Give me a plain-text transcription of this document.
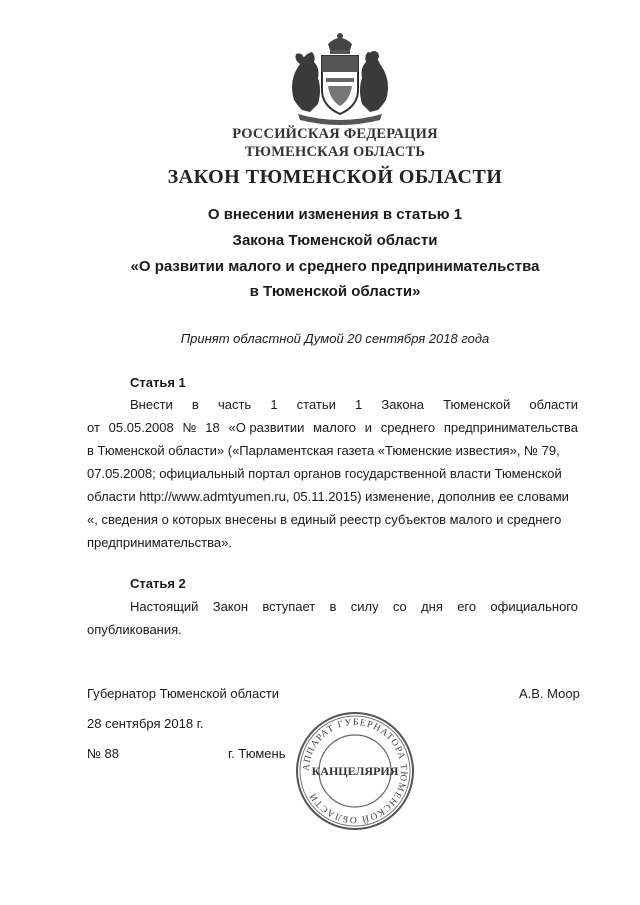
РОССИЙСКАЯ ФЕДЕРАЦИЯ
ТЮМЕНСКАЯ ОБЛАСТЬ
ЗАКОН ТЮМЕНСКОЙ ОБЛАСТИ
О внесении изменения в статью 1
Закона Тюменской области
«О развитии малого и среднего предпринимательства
в Тюменской области»
Принят областной Думой 20 сентября 2018 года
Статья 1
Внести в часть 1 статьи 1 Закона Тюменской области
от 05.05.2008 № 18 «О развитии малого и среднего предпринимательства
в Тюменской области» («Парламентская газета «Тюменские известия», № 79,
07.05.2008; официальный портал органов государственной власти Тюменской
области http://www.admtyumen.ru, 05.11.2015) изменение, дополнив ее словами
«, сведения о которых внесены в единый реестр субъектов малого и среднего
предпринимательства».
Статья 2
Настоящий Закон вступает в силу со дня его официального
опубликования.
Губернатор Тюменской области	А.В. Моор
28 сентября 2018 г.
№ 88	г. Тюмень
АППАРАТ ГУБЕРНАТОРА ТЮМЕНСКОЙ ОБЛАСТИ
КАНЦЕЛЯРИЯ
